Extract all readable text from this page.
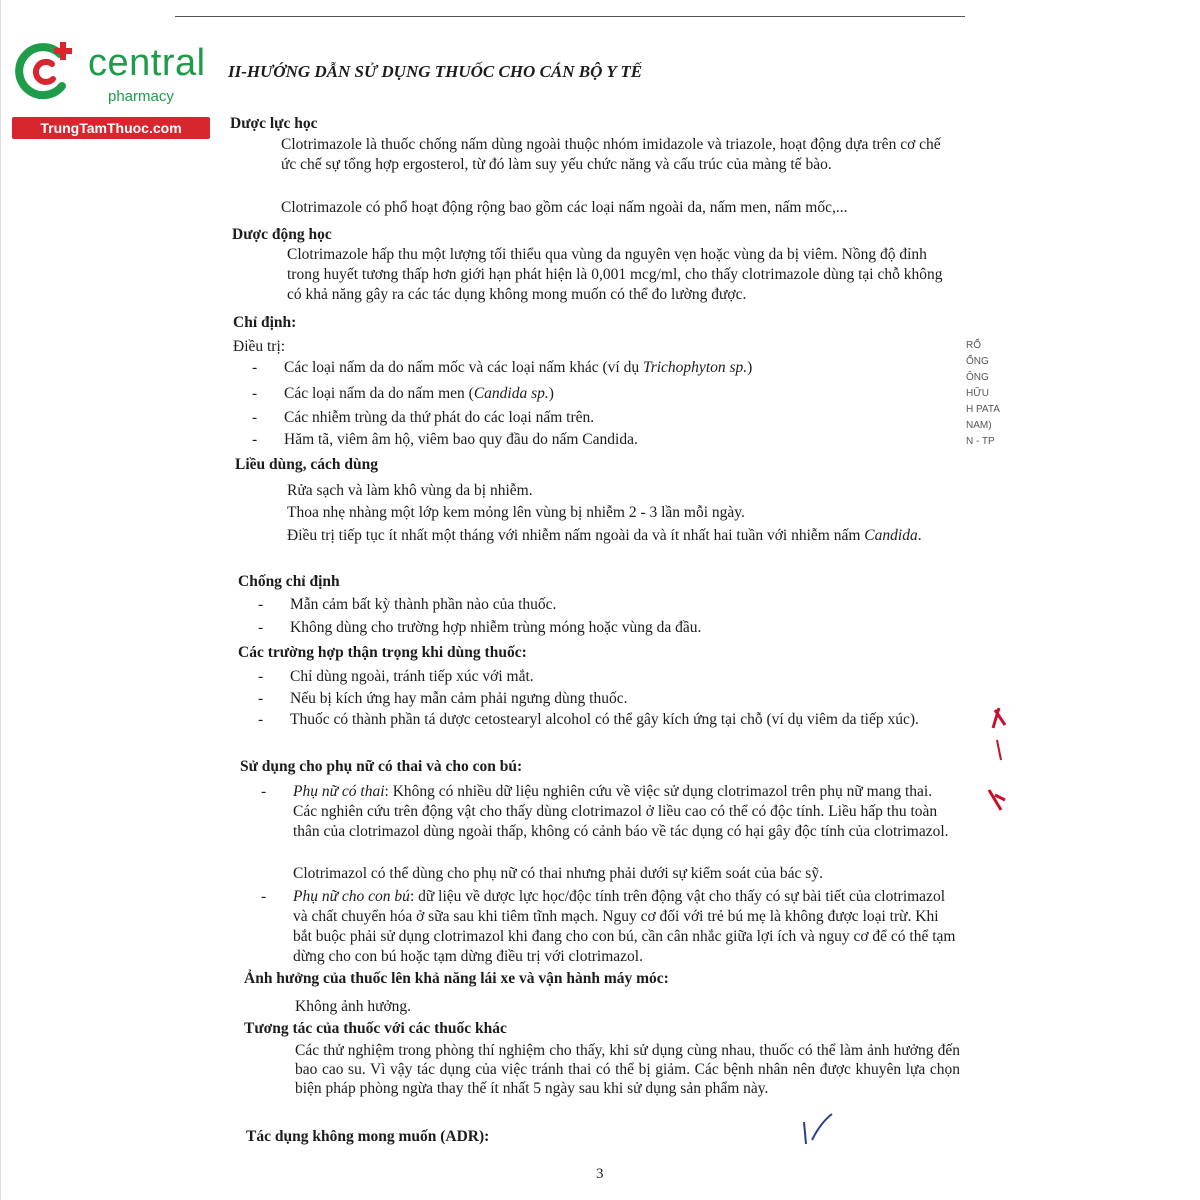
central
pharmacy
TrungTamThuoc.com
II-HƯỚNG DẪN SỬ DỤNG THUỐC CHO CÁN BỘ Y TẾ
Dược lực học
Clotrimazole là thuốc chống nấm dùng ngoài thuộc nhóm imidazole và triazole, hoạt động dựa trên cơ chế ức chế sự tổng hợp ergosterol, từ đó làm suy yếu chức năng và cấu trúc của màng tế bào.
Clotrimazole có phổ hoạt động rộng bao gồm các loại nấm ngoài da, nấm men, nấm mốc,...
Dược động học
Clotrimazole hấp thu một lượng tối thiểu qua vùng da nguyên vẹn hoặc vùng da bị viêm. Nồng độ đỉnh trong huyết tương thấp hơn giới hạn phát hiện là 0,001 mcg/ml, cho thấy clotrimazole dùng tại chỗ không có khả năng gây ra các tác dụng không mong muốn có thể đo lường được.
Chỉ định:
Điều trị:
- Các loại nấm da do nấm mốc và các loại nấm khác (ví dụ Trichophyton sp.)
- Các loại nấm da do nấm men (Candida sp.)
- Các nhiễm trùng da thứ phát do các loại nấm trên.
- Hăm tã, viêm âm hộ, viêm bao quy đầu do nấm Candida.
Liều dùng, cách dùng
Rửa sạch và làm khô vùng da bị nhiễm.
Thoa nhẹ nhàng một lớp kem mỏng lên vùng bị nhiễm 2 - 3 lần mỗi ngày.
Điều trị tiếp tục ít nhất một tháng với nhiễm nấm ngoài da và ít nhất hai tuần với nhiễm nấm Candida.
Chống chỉ định
- Mẫn cảm bất kỳ thành phần nào của thuốc.
- Không dùng cho trường hợp nhiễm trùng móng hoặc vùng da đầu.
Các trường hợp thận trọng khi dùng thuốc:
- Chỉ dùng ngoài, tránh tiếp xúc với mắt.
- Nếu bị kích ứng hay mẫn cảm phải ngưng dùng thuốc.
- Thuốc có thành phần tá dược cetostearyl alcohol có thể gây kích ứng tại chỗ (ví dụ viêm da tiếp xúc).
Sử dụng cho phụ nữ có thai và cho con bú:
- Phụ nữ có thai: Không có nhiều dữ liệu nghiên cứu về việc sử dụng clotrimazol trên phụ nữ mang thai. Các nghiên cứu trên động vật cho thấy dùng clotrimazol ở liều cao có thể có độc tính. Liều hấp thu toàn thân của clotrimazol dùng ngoài thấp, không có cảnh báo về tác dụng có hại gây độc tính của clotrimazol.
Clotrimazol có thể dùng cho phụ nữ có thai nhưng phải dưới sự kiểm soát của bác sỹ.
- Phụ nữ cho con bú: dữ liệu về dược lực học/độc tính trên động vật cho thấy có sự bài tiết của clotrimazol và chất chuyển hóa ở sữa sau khi tiêm tĩnh mạch. Nguy cơ đối với trẻ bú mẹ là không được loại trừ. Khi bắt buộc phải sử dụng clotrimazol khi đang cho con bú, cần cân nhắc giữa lợi ích và nguy cơ để có thể tạm dừng cho con bú hoặc tạm dừng điều trị với clotrimazol.
Ảnh hưởng của thuốc lên khả năng lái xe và vận hành máy móc:
Không ảnh hưởng.
Tương tác của thuốc với các thuốc khác
Các thử nghiệm trong phòng thí nghiệm cho thấy, khi sử dụng cùng nhau, thuốc có thể làm ảnh hưởng đến bao cao su. Vì vậy tác dụng của việc tránh thai có thể bị giảm. Các bệnh nhân nên được khuyên lựa chọn biện pháp phòng ngừa thay thế ít nhất 5 ngày sau khi sử dụng sản phẩm này.
Tác dụng không mong muốn (ADR):
3
RỔ
ỔNG
ÔNG
HỮU
H PATA
NAM)
N - TP
